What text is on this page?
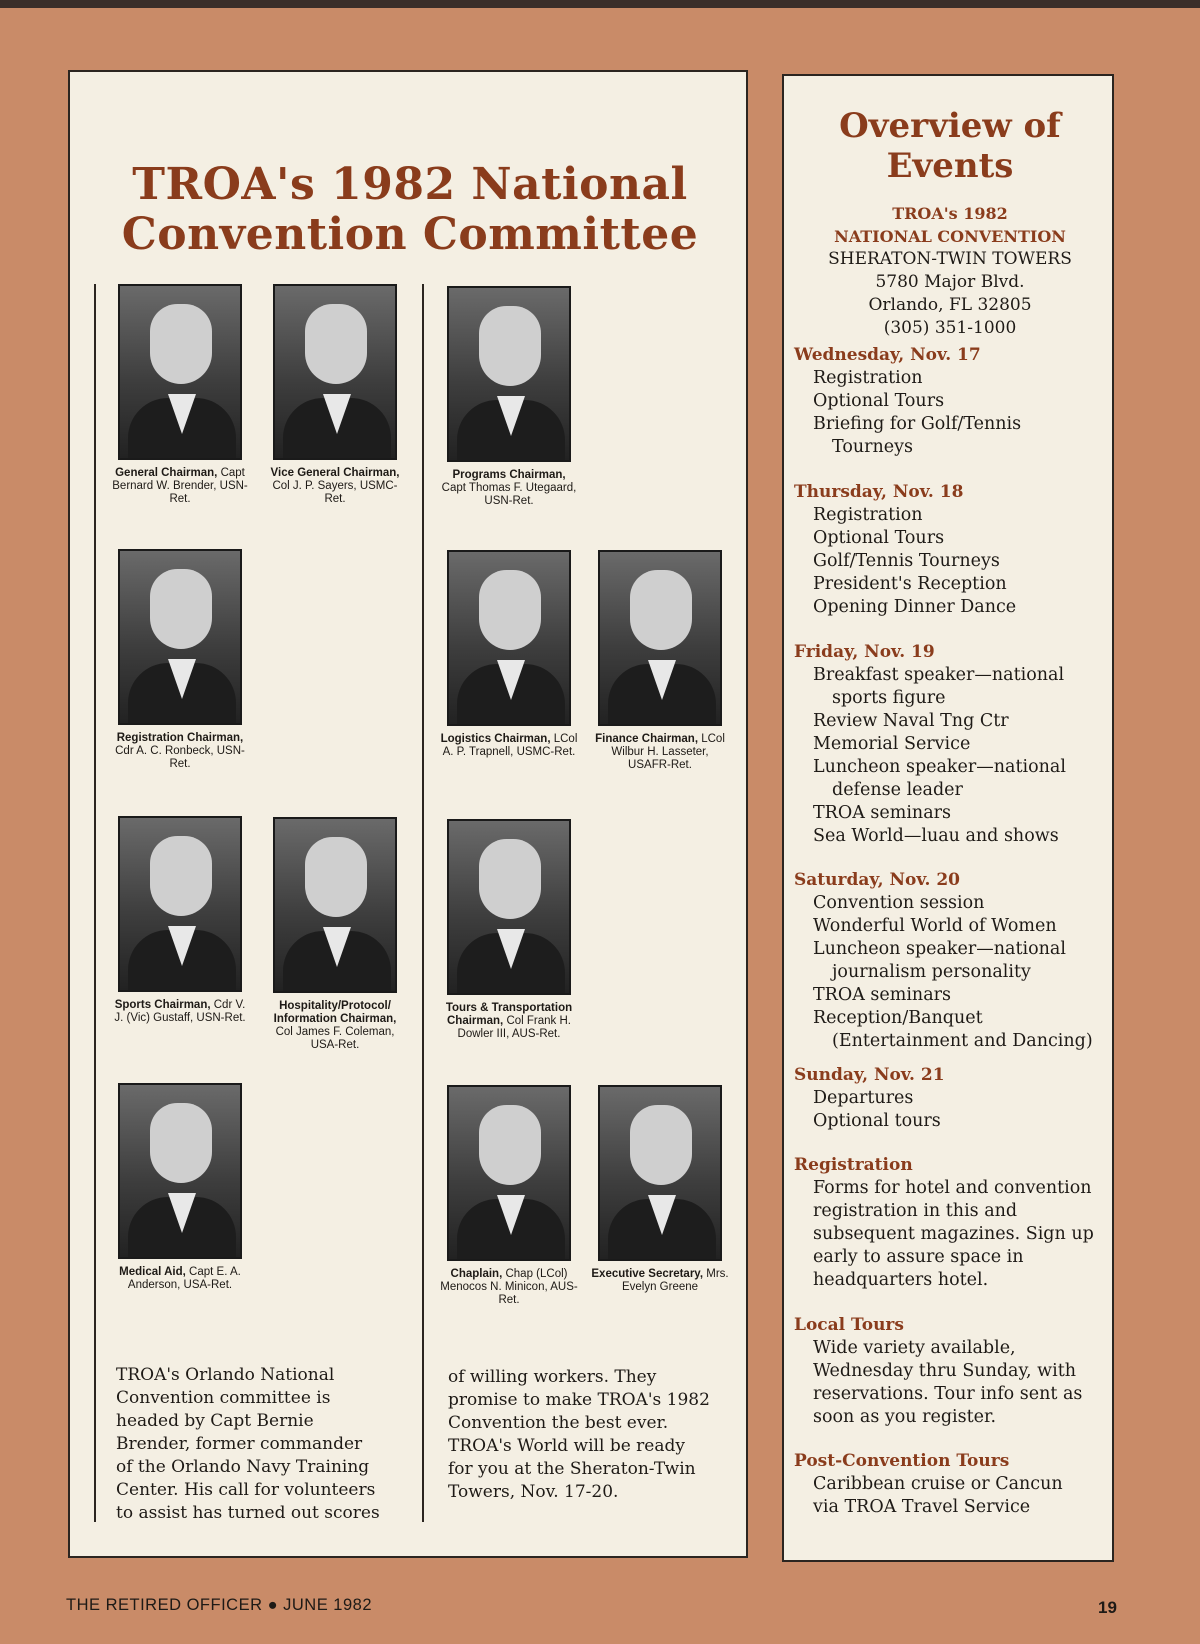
TROA's 1982 National
Convention Committee
General Chairman, Capt Bernard W. Brender, USN-Ret.
Vice General Chairman, Col J. P. Sayers, USMC-Ret.
Programs Chairman, Capt Thomas F. Utegaard, USN-Ret.
Registration Chairman, Cdr A. C. Ronbeck, USN-Ret.
Logistics Chairman, LCol A. P. Trapnell, USMC-Ret.
Finance Chairman, LCol Wilbur H. Lasseter, USAFR-Ret.
Sports Chairman, Cdr V. J. (Vic) Gustaff, USN-Ret.
Hospitality/Protocol/ Information Chairman, Col James F. Coleman, USA-Ret.
Tours & Transportation Chairman, Col Frank H. Dowler III, AUS-Ret.
Medical Aid, Capt E. A. Anderson, USA-Ret.
Chaplain, Chap (LCol) Menocos N. Minicon, AUS-Ret.
Executive Secretary, Mrs. Evelyn Greene
TROA's Orlando National
Convention committee is
headed by Capt Bernie
Brender, former commander
of the Orlando Navy Training
Center. His call for volunteers
to assist has turned out scores
of willing workers. They
promise to make TROA's 1982
Convention the best ever.
TROA's World will be ready
for you at the Sheraton-Twin
Towers, Nov. 17-20.
Overview of
Events
TROA's 1982
NATIONAL CONVENTION
SHERATON-TWIN TOWERS
5780 Major Blvd.
Orlando, FL 32805
(305) 351-1000
Wednesday, Nov. 17
Registration
Optional Tours
Briefing for Golf/Tennis
Tourneys
Thursday, Nov. 18
Registration
Optional Tours
Golf/Tennis Tourneys
President's Reception
Opening Dinner Dance
Friday, Nov. 19
Breakfast speaker—national
sports figure
Review Naval Tng Ctr
Memorial Service
Luncheon speaker—national
defense leader
TROA seminars
Sea World—luau and shows
Saturday, Nov. 20
Convention session
Wonderful World of Women
Luncheon speaker—national
journalism personality
TROA seminars
Reception/Banquet
(Entertainment and Dancing)
Sunday, Nov. 21
Departures
Optional tours
Registration
Forms for hotel and convention
registration in this and
subsequent magazines. Sign up
early to assure space in
headquarters hotel.
Local Tours
Wide variety available,
Wednesday thru Sunday, with
reservations. Tour info sent as
soon as you register.
Post-Convention Tours
Caribbean cruise or Cancun
via TROA Travel Service
THE RETIRED OFFICER ● JUNE 1982	19
